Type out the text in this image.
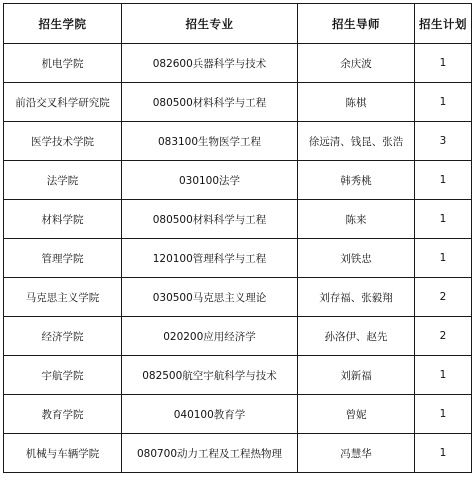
招生学院	招生专业	招生导师	招生计划
机电学院	082600兵器科学与技术	余庆波	1
前沿交叉科学研究院	080500材料科学与工程	陈棋	1
医学技术学院	083100生物医学工程	徐远清、钱昆、张浩	3
法学院	030100法学	韩秀桃	1
材料学院	080500材料科学与工程	陈来	1
管理学院	120100管理科学与工程	刘铁忠	1
马克思主义学院	030500马克思主义理论	刘存福、张毅翔	2
经济学院	020200应用经济学	孙洛伊、赵先	2
宇航学院	082500航空宇航科学与技术	刘新福	1
教育学院	040100教育学	曾妮	1
机械与车辆学院	080700动力工程及工程热物理	冯慧华	1
